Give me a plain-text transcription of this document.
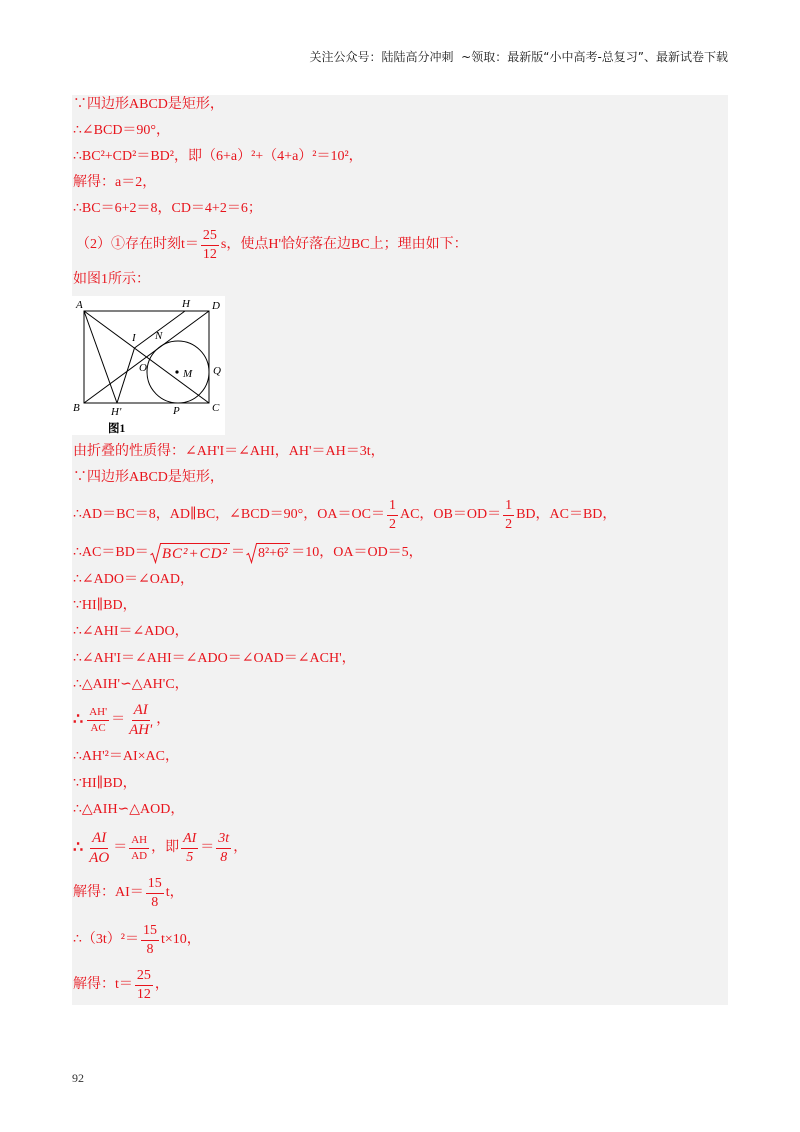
关注公众号：陆陆高分冲刺  ~领取：最新版“小中高考-总复习”、最新试卷下载
∵四边形ABCD是矩形，
∴∠BCD＝90°，
∴BC²+CD²＝BD²，即（6+a）²+（4+a）²＝10²，
解得：a＝2，
∴BC＝6+2＝8，CD＝4+2＝6；
（2）①存在时刻$t= \frac{25}{12}$ s，使点H'恰好落在边BC上；理由如下：
如图1所示：
A	H D
I N
O	M Q
B	H'	P	C
图1
由折叠的性质得：∠AH'I＝∠AHI，AH'＝AH＝3t，
∵四边形ABCD是矩形，
∴AD＝BC＝8，AD∥BC，∠BCD＝90°，$OA=OC= \frac{1}{2}$ AC，$OB=OD= \frac{1}{2}$ BD，AC＝BD，
∴AC＝BD＝ BC²+CD² ＝ 8²+6² ＝10，OA＝OD＝5，
∴∠ADO＝∠OAD，
∵HI∥BD，
∴∠AHI＝∠ADO，
∴∠AH'I＝∠AHI＝∠ADO＝∠OAD＝∠ACH'，
∴△AIH'∽△AH'C，
∴ $\frac{AH'}{AC} = \frac{AI}{AH'}$ ，
∴AH'²＝AI×AC，
∵HI∥BD，
∴△AIH∽△AOD，
∴ $\frac{AI}{AO} = \frac{AH}{AD}$ ，即 $\frac{AI}{5} = \frac{3t}{8}$ ，
解得：$AI= \frac{15}{8}$ t，
∴（3t）²＝ $\frac{15}{8} t\times 10$，
解得：$t= \frac{25}{12}$ ，
92
